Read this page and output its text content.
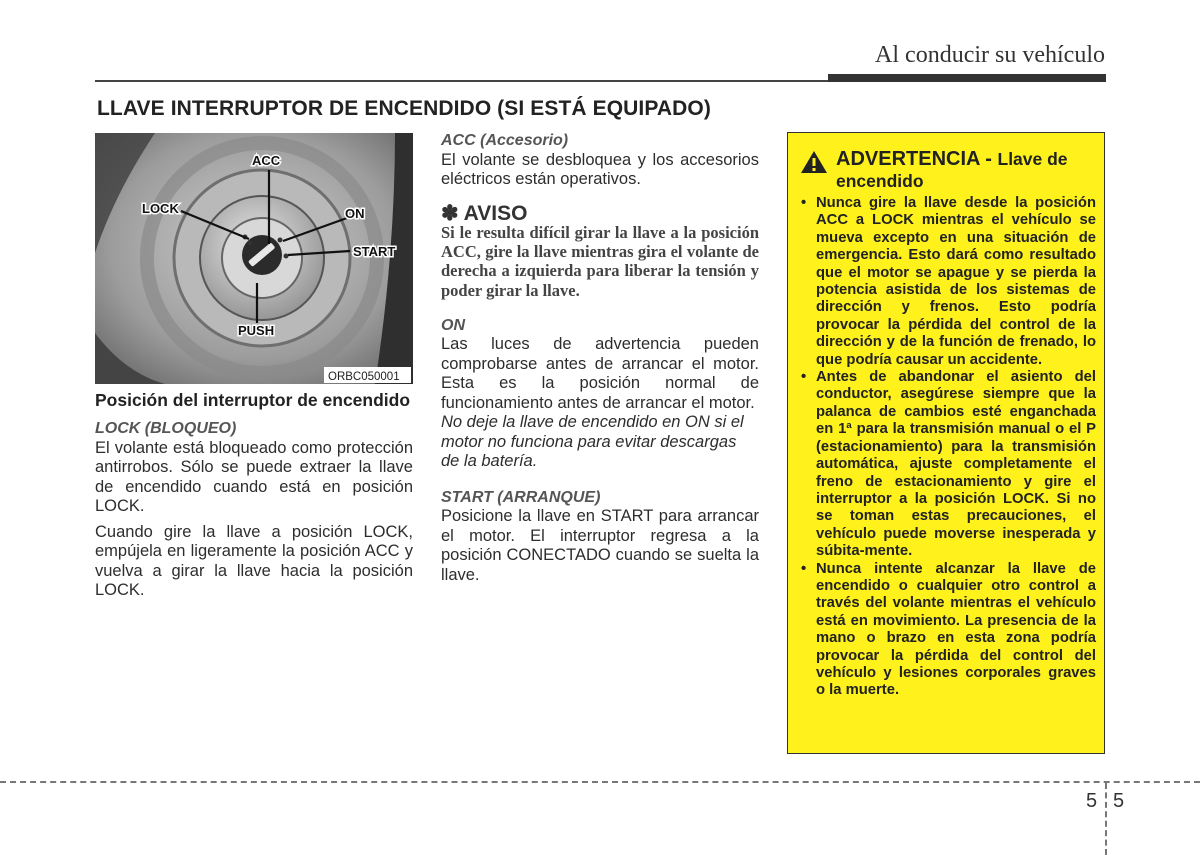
Al conducir su vehículo
LLAVE INTERRUPTOR DE ENCENDIDO (SI ESTÁ EQUIPADO)
ACC
LOCK	ON
START
PUSH
ORBC050001

Posición del interruptor de encendido

LOCK (BLOQUEO)

El volante está bloqueado como protección antirrobos. Sólo se puede extraer la llave de encendido cuando está en posición LOCK.

Cuando gire la llave a posición LOCK, empújela en ligeramente la posición ACC y vuelva a girar la llave hacia la posición LOCK.

ACC (Accesorio)

El volante se desbloquea y los accesorios eléctricos están operativos.

✽ AVISO

Si le resulta difícil girar la llave a la posición ACC, gire la llave mientras gira el volante de derecha a izquierda para liberar la tensión y poder girar la llave.

ON

Las luces de advertencia pueden comprobarse antes de arrancar el motor. Esta es la posición normal de funcionamiento antes de arrancar el motor.

No deje la llave de encendido en ON si el motor no funciona para evitar descargas de la batería.

START (ARRANQUE)

Posicione la llave en START para arrancar el motor. El interruptor regresa a la posición CONECTADO cuando se suelta la llave.

ADVERTENCIA - Llave de
encendido
• Nunca gire la llave desde la posición ACC a LOCK mientras el vehículo se mueva excepto en una situación de emergencia. Esto dará como resultado que el motor se apague y se pierda la potencia asistida de los sistemas de dirección y frenos. Esto podría provocar la pérdida del control de la dirección y de la función de frenado, lo que podría causar un accidente.
• Antes de abandonar el asiento del conductor, asegúrese siempre que la palanca de cambios esté enganchada en 1ª para la transmisión manual o el P (estacionamiento) para la transmisión automática, ajuste completamente el freno de estacionamiento y gire el interruptor a la posición LOCK. Si no se toman estas precauciones, el vehículo puede moverse inesperada y súbita-mente.
• Nunca intente alcanzar la llave de encendido o cualquier otro control a través del volante mientras el vehículo está en movimiento. La presencia de la mano o brazo en esta zona podría provocar la pérdida del control del vehículo y lesiones corporales graves o la muerte.
5 5
